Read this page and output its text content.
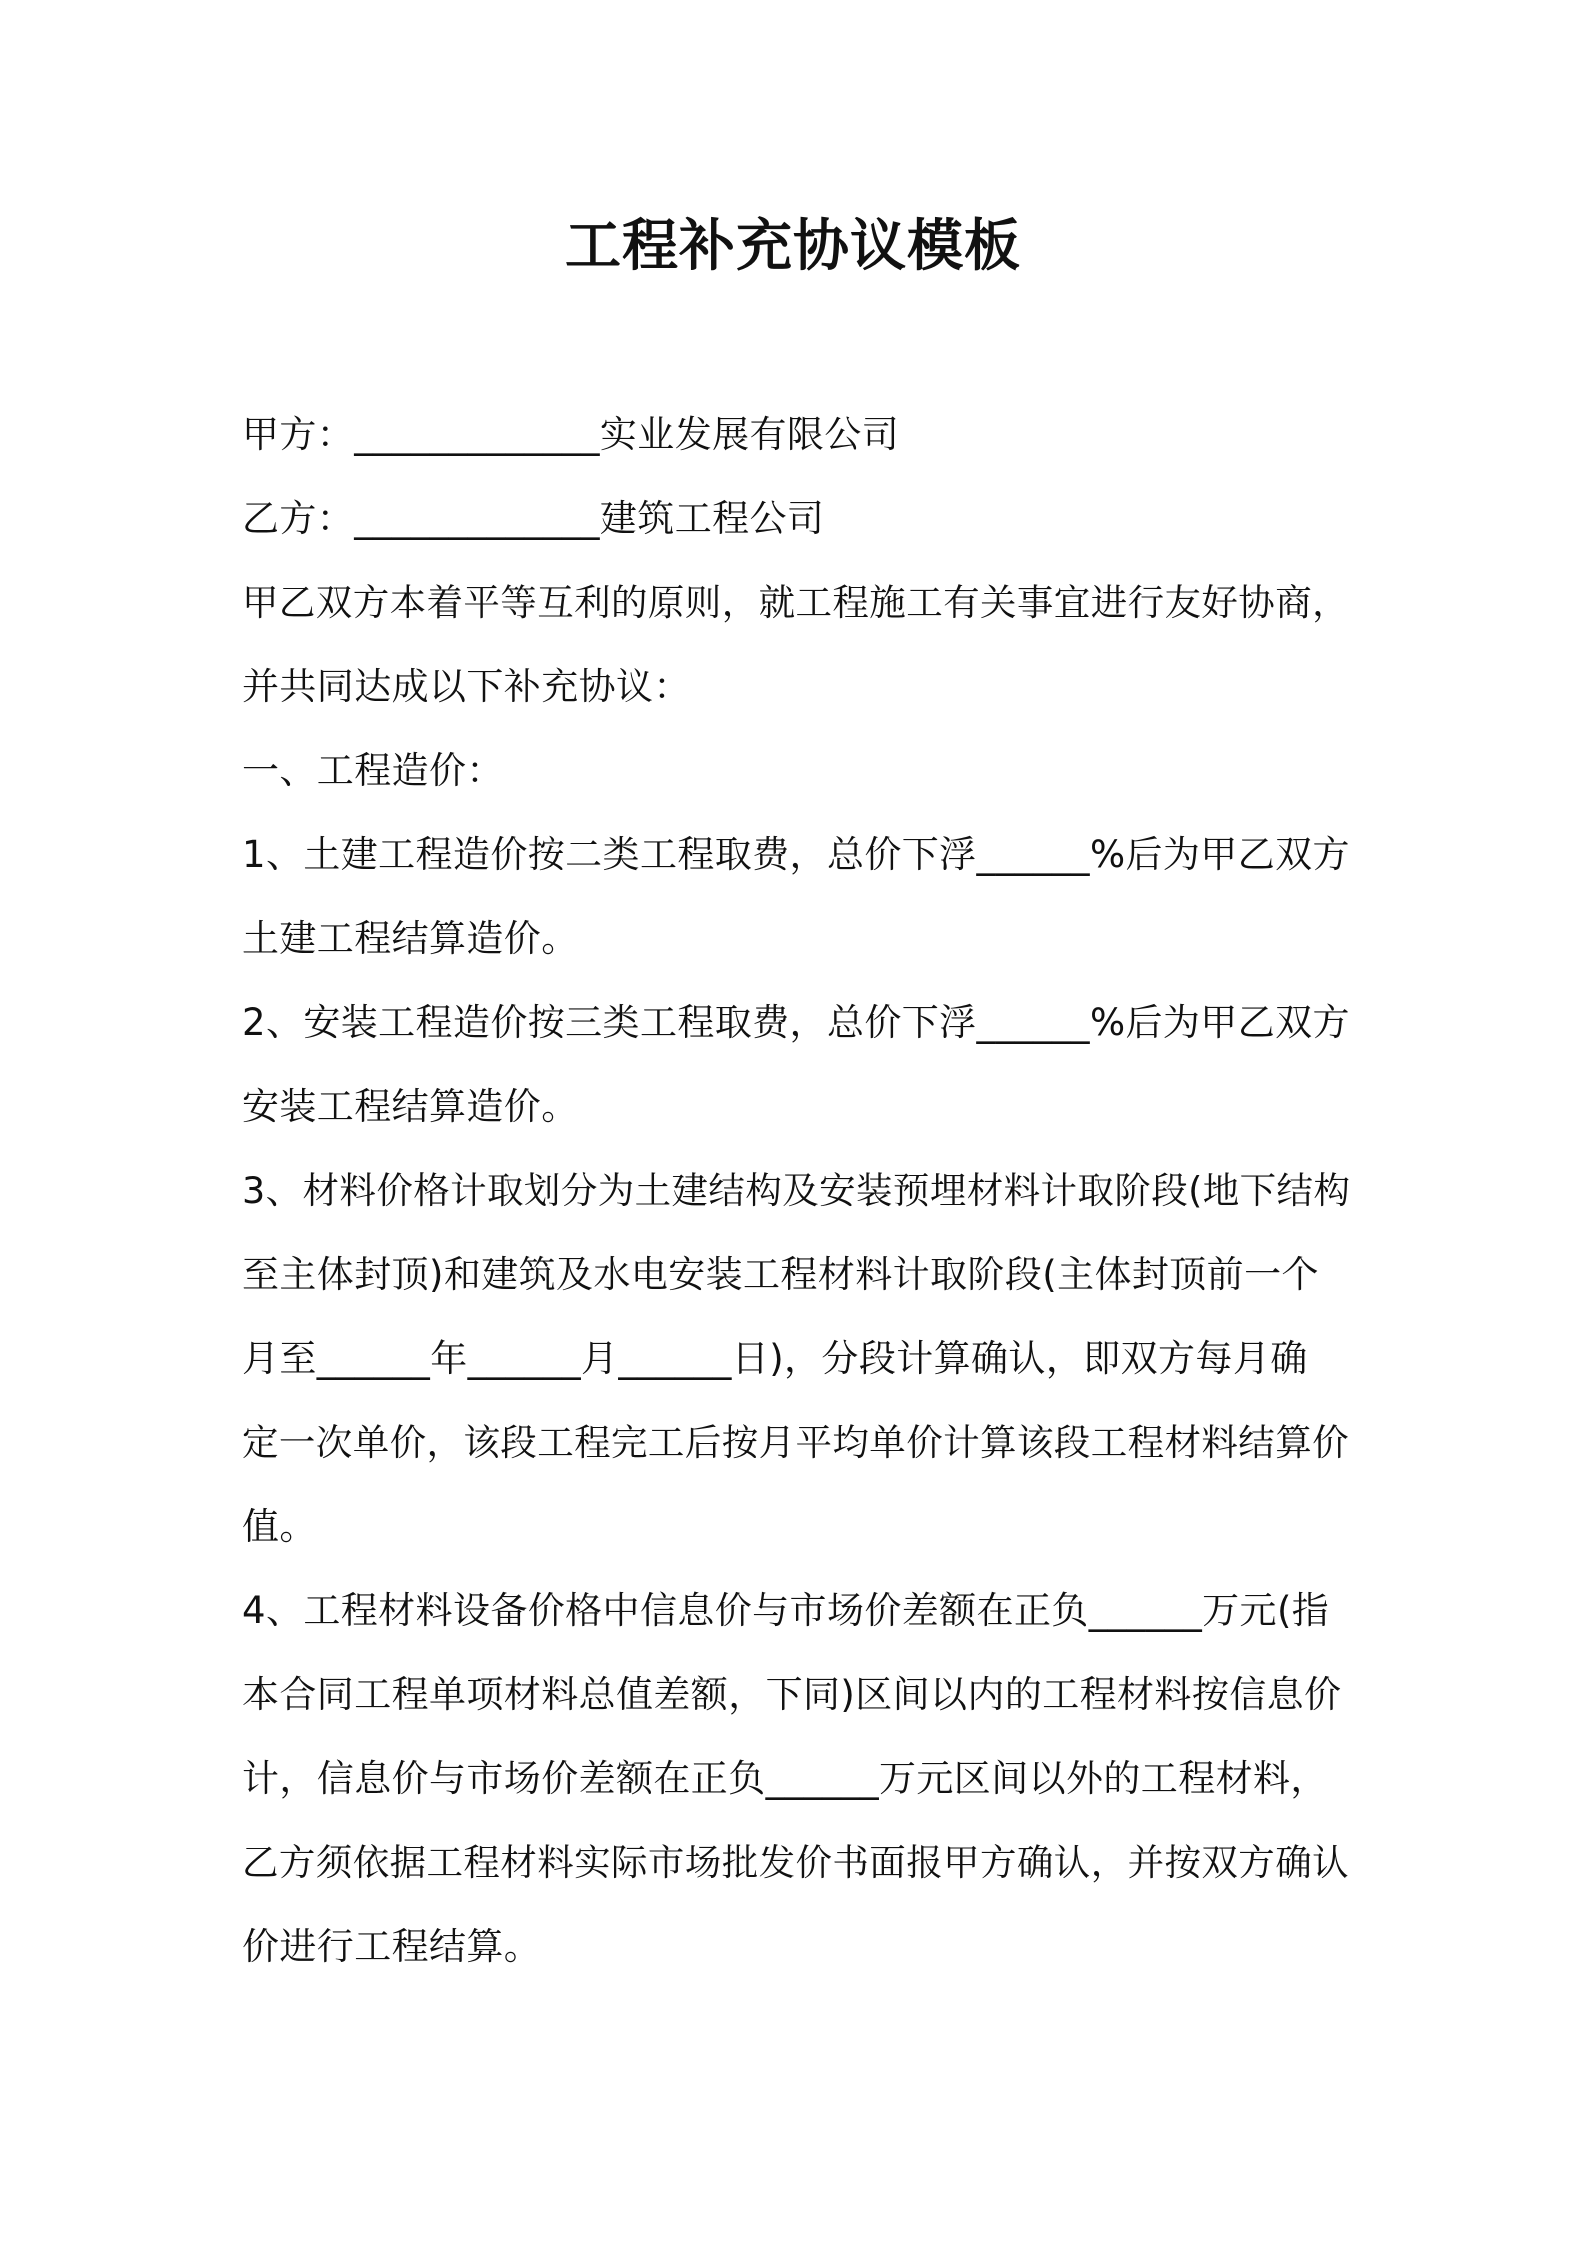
工程补充协议模板
甲方：_____________实业发展有限公司
乙方：_____________建筑工程公司
甲乙双方本着平等互利的原则，就工程施工有关事宜进行友好协商，
并共同达成以下补充协议：
一、工程造价：
1、土建工程造价按二类工程取费，总价下浮______%后为甲乙双方
土建工程结算造价。
2、安装工程造价按三类工程取费，总价下浮______%后为甲乙双方
安装工程结算造价。
3、材料价格计取划分为土建结构及安装预埋材料计取阶段(地下结构
至主体封顶)和建筑及水电安装工程材料计取阶段(主体封顶前一个
月至______年______月______日)，分段计算确认，即双方每月确
定一次单价，该段工程完工后按月平均单价计算该段工程材料结算价
值。
4、工程材料设备价格中信息价与市场价差额在正负______万元(指
本合同工程单项材料总值差额，下同)区间以内的工程材料按信息价
计，信息价与市场价差额在正负______万元区间以外的工程材料，
乙方须依据工程材料实际市场批发价书面报甲方确认，并按双方确认
价进行工程结算。
